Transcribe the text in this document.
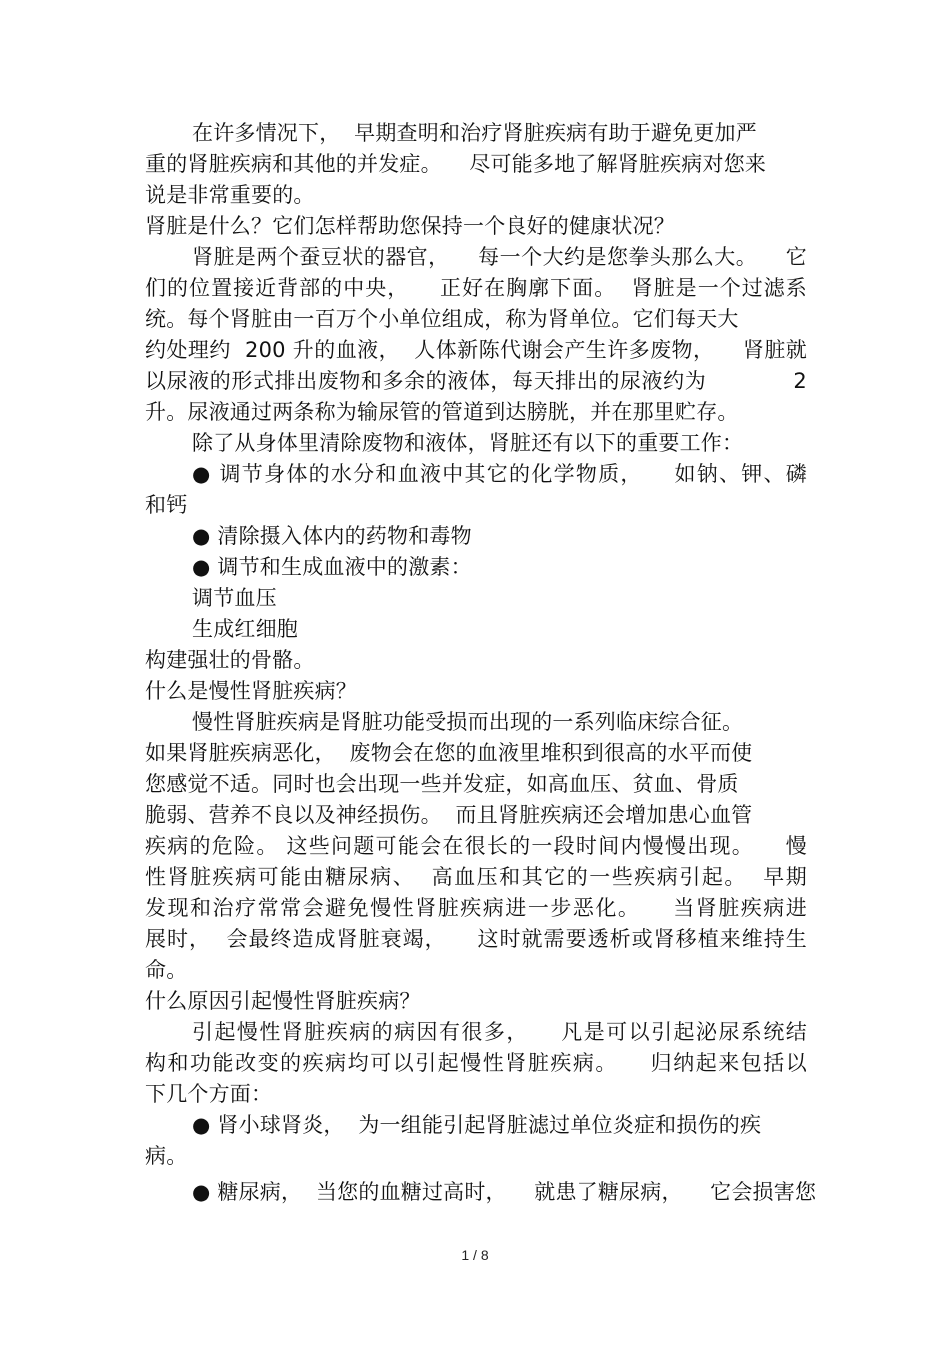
在许多情况下，  早期查明和治疗肾脏疾病有助于避免更加严
重的肾脏疾病和其他的并发症。    尽可能多地了解肾脏疾病对您来
说是非常重要的。
肾脏是什么？它们怎样帮助您保持一个良好的健康状况？
肾脏是两个蚕豆状的器官，    每一个大约是您拳头那么大。    它
们的位置接近背部的中央，    正好在胸廓下面。  肾脏是一个过滤系
统。每个肾脏由一百万个小单位组成，称为肾单位。它们每天大
约处理约  200 升的血液，  人体新陈代谢会产生许多废物，    肾脏就
以尿液的形式排出废物和多余的液体，每天排出的尿液约为            2
升。尿液通过两条称为输尿管的管道到达膀胱，并在那里贮存。
除了从身体里清除废物和液体，肾脏还有以下的重要工作：
● 调节身体的水分和血液中其它的化学物质，    如钠、钾、磷
和钙
● 清除摄入体内的药物和毒物
● 调节和生成血液中的激素：
调节血压
生成红细胞
构建强壮的骨骼。
什么是慢性肾脏疾病？
慢性肾脏疾病是肾脏功能受损而出现的一系列临床综合征。
如果肾脏疾病恶化，  废物会在您的血液里堆积到很高的水平而使
您感觉不适。同时也会出现一些并发症，如高血压、贫血、骨质
脆弱、营养不良以及神经损伤。  而且肾脏疾病还会增加患心血管
疾病的危险。 这些问题可能会在很长的一段时间内慢慢出现。    慢
性肾脏疾病可能由糖尿病、  高血压和其它的一些疾病引起。  早期
发现和治疗常常会避免慢性肾脏疾病进一步恶化。    当肾脏疾病进
展时，  会最终造成肾脏衰竭，    这时就需要透析或肾移植来维持生
命。
什么原因引起慢性肾脏疾病？
引起慢性肾脏疾病的病因有很多，    凡是可以引起泌尿系统结
构和功能改变的疾病均可以引起慢性肾脏疾病。    归纳起来包括以
下几个方面：
● 肾小球肾炎，  为一组能引起肾脏滤过单位炎症和损伤的疾
病。
● 糖尿病，  当您的血糖过高时，    就患了糖尿病，    它会损害您
1 / 8
